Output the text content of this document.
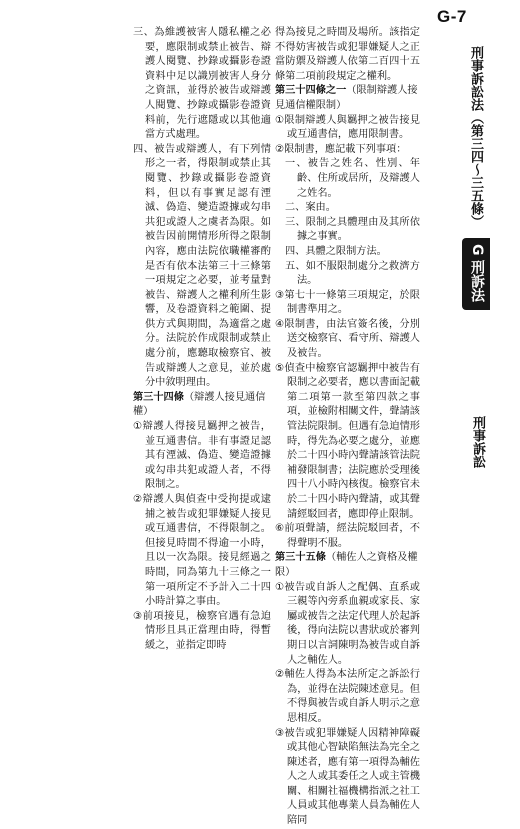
G-7
刑事訴訟法（第三四～三五條）
G 刑訴法
刑事訴訟

三、為維護被害人隱私權之必要，應限制或禁止被告、辯護人閱覽、抄錄或攝影卷證資料中足以識別被害人身分之資訊，並得於被告或辯護人閱覽、抄錄或攝影卷證資料前，先行遮隱或以其他適當方式處理。

四、被告或辯護人，有下列情形之一者，得限制或禁止其閱覽、抄錄或攝影卷證資料，但以有事實足認有湮滅、偽造、變造證據或勾串共犯或證人之虞者為限。如被告因前開情形所得之限制內容，應由法院依職權審酌是否有依本法第三十三條第一項規定之必要，並考量對被告、辯護人之權利所生影響，及卷證資料之範圍、提供方式與期間，為適當之處分。法院於作成限制或禁止處分前，應聽取檢察官、被告或辯護人之意見，並於處分中敘明理由。

第三十四條（辯護人接見通信權）

①辯護人得接見羈押之被告，並互通書信。非有事證足認其有湮滅、偽造、變造證據或勾串共犯或證人者，不得限制之。

②辯護人與偵查中受拘提或逮捕之被告或犯罪嫌疑人接見或互通書信，不得限制之。但接見時間不得逾一小時，且以一次為限。接見經過之時間，同為第九十三條之一第一項所定不予計入二十四小時計算之事由。

③前項接見，檢察官遇有急迫情形且具正當理由時，得暫緩之，並指定即時

得為接見之時間及場所。該指定不得妨害被告或犯罪嫌疑人之正當防禦及辯護人依第二百四十五條第二項前段規定之權利。

第三十四條之一（限制辯護人接見通信權限制）

①限制辯護人與羈押之被告接見或互通書信，應用限制書。

②限制書，應記載下列事項：

一、被告之姓名、性別、年齡、住所或居所，及辯護人之姓名。

二、案由。

三、限制之具體理由及其所依據之事實。

四、具體之限制方法。

五、如不服限制處分之救濟方法。

③第七十一條第三項規定，於限制書準用之。

④限制書，由法官簽名後，分別送交檢察官、看守所、辯護人及被告。

⑤偵查中檢察官認羈押中被告有限制之必要者，應以書面記載第二項第一款至第四款之事項，並檢附相關文件，聲請該管法院限制。但遇有急迫情形時，得先為必要之處分，並應於二十四小時內聲請該管法院補發限制書；法院應於受理後四十八小時內核復。檢察官未於二十四小時內聲請，或其聲請經駁回者，應即停止限制。

⑥前項聲請，經法院駁回者，不得聲明不服。

第三十五條（輔佐人之資格及權限）

①被告或自訴人之配偶、直系或三親等內旁系血親或家長、家屬或被告之法定代理人於起訴後，得向法院以書狀或於審判期日以言詞陳明為被告或自訴人之輔佐人。

②輔佐人得為本法所定之訴訟行為，並得在法院陳述意見。但不得與被告或自訴人明示之意思相反。

③被告或犯罪嫌疑人因精神障礙或其他心智缺陷無法為完全之陳述者，應有第一項得為輔佐人之人或其委任之人或主管機關、相關社福機構指派之社工人員或其他專業人員為輔佐人陪同
